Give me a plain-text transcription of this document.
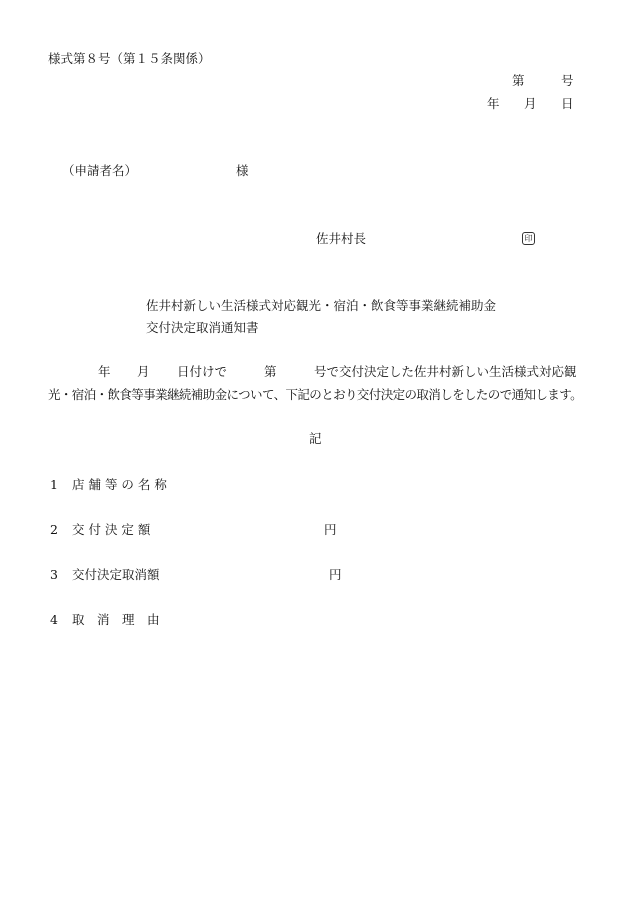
様式第８号（第１５条関係）
第	号
年 月 日
（申請者名）	様
佐井村長	印
佐井村新しい生活様式対応観光・宿泊・飲食等事業継続補助金
交付決定取消通知書
年 月 日付けで	第	号で交付決定した佐井村新しい生活様式対応観
光・宿泊・飲食等事業継続補助金について、下記のとおり交付決定の取消しをしたので通知します。
記
1 店 舗 等 の 名 称
2 交 付 決 定 額	円
3 交付決定取消額	円
4 取　消　理　由
